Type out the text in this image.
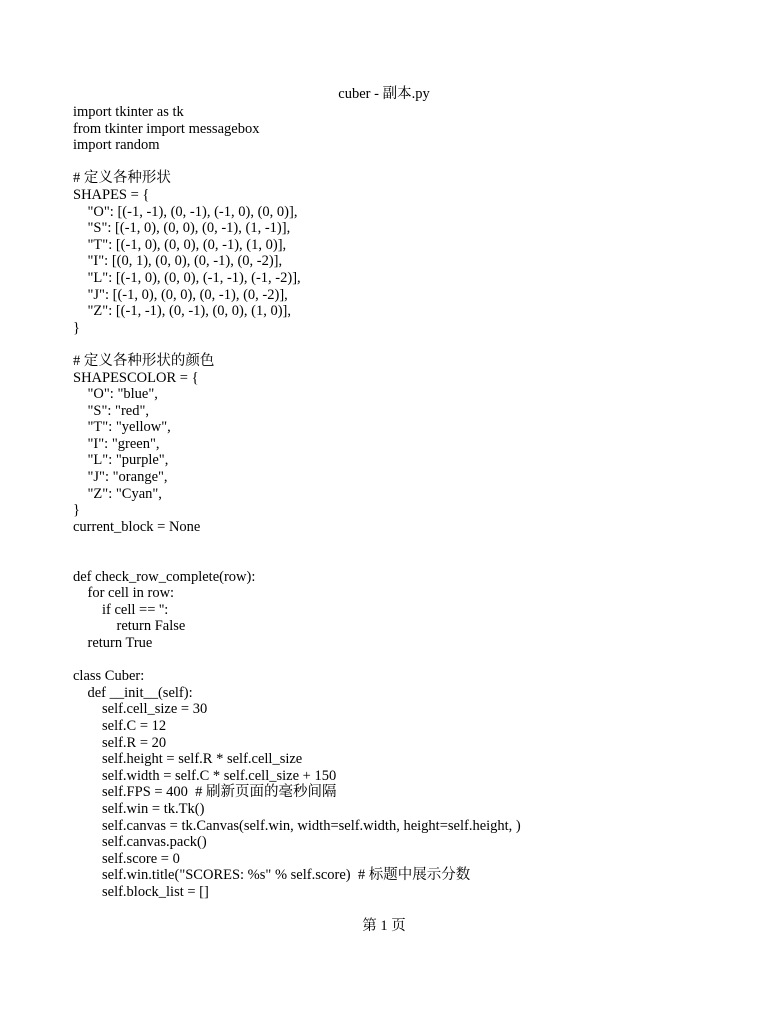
cuber - 副本.py
import tkinter as tk
from tkinter import messagebox
import random
# 定义各种形状
SHAPES = {
"O": [(-1, -1), (0, -1), (-1, 0), (0, 0)],
"S": [(-1, 0), (0, 0), (0, -1), (1, -1)],
"T": [(-1, 0), (0, 0), (0, -1), (1, 0)],
"I": [(0, 1), (0, 0), (0, -1), (0, -2)],
"L": [(-1, 0), (0, 0), (-1, -1), (-1, -2)],
"J": [(-1, 0), (0, 0), (0, -1), (0, -2)],
"Z": [(-1, -1), (0, -1), (0, 0), (1, 0)],
}
# 定义各种形状的颜色
SHAPESCOLOR = {
"O": "blue",
"S": "red",
"T": "yellow",
"I": "green",
"L": "purple",
"J": "orange",
"Z": "Cyan",
}
current_block = None
def check_row_complete(row):
for cell in row:
if cell == '':
return False
return True
class Cuber:
def __init__(self):
self.cell_size = 30
self.C = 12
self.R = 20
self.height = self.R * self.cell_size
self.width = self.C * self.cell_size + 150
self.FPS = 400  # 刷新页面的毫秒间隔
self.win = tk.Tk()
self.canvas = tk.Canvas(self.win, width=self.width, height=self.height, )
self.canvas.pack()
self.score = 0
self.win.title("SCORES: %s" % self.score)  # 标题中展示分数
self.block_list = []
第 1 页
